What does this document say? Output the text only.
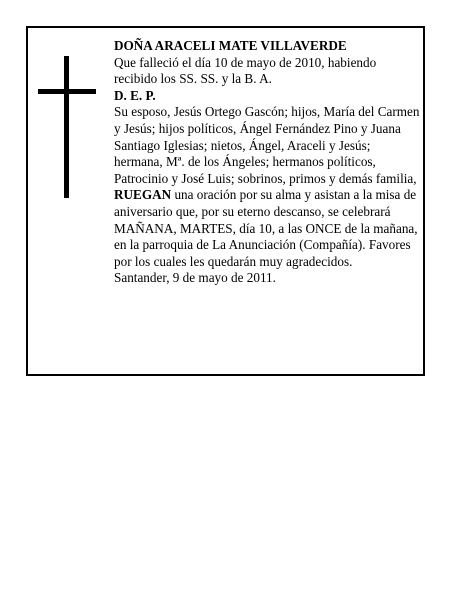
DOÑA ARACELI MATE VILLAVERDE

Que falleció el día 10 de mayo de 2010, habiendo recibido los SS. SS. y la B. A.

D. E. P.

Su esposo, Jesús Ortego Gascón; hijos, María del Carmen y Jesús; hijos políticos, Ángel Fernández Pino y Juana Santiago Iglesias; nietos, Ángel, Araceli y Jesús; hermana, Mª. de los Ángeles; hermanos políticos, Patrocinio y José Luis; sobrinos, primos y demás familia,

RUEGAN una oración por su alma y asistan a la misa de aniversario que, por su eterno descanso, se celebrará MAÑANA, MARTES, día 10, a las ONCE de la mañana, en la parroquia de La Anunciación (Compañía). Favores por los cuales les quedarán muy agradecidos.

Santander, 9 de mayo de 2011.
